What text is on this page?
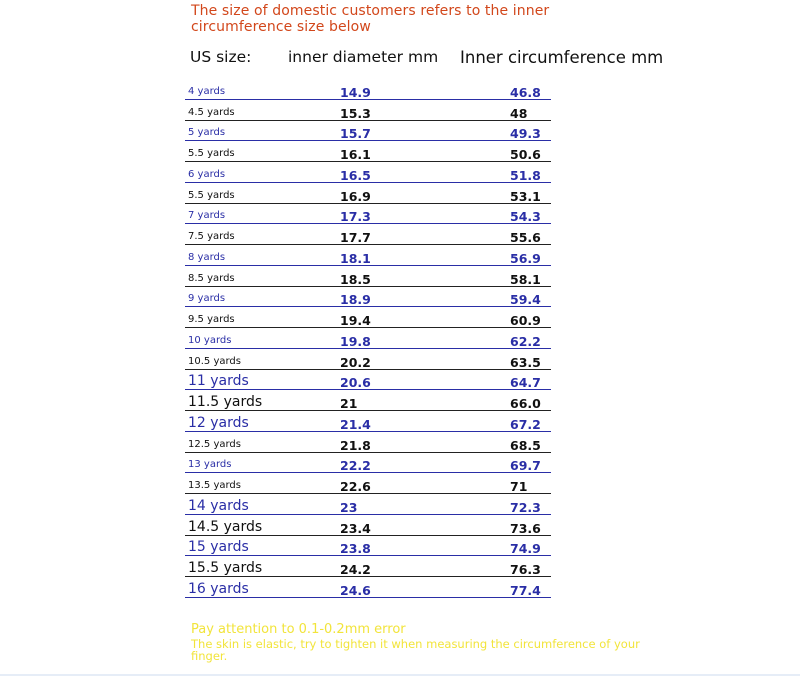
The size of domestic customers refers to the inner circumference size below
US size: inner diameter mm Inner circumference mm
4 yards	14.9	46.8
4.5 yards	15.3	48
5 yards	15.7	49.3
5.5 yards	16.1	50.6
6 yards	16.5	51.8
5.5 yards	16.9	53.1
7 yards	17.3	54.3
7.5 yards	17.7	55.6
8 yards	18.1	56.9
8.5 yards	18.5	58.1
9 yards	18.9	59.4
9.5 yards	19.4	60.9
10 yards	19.8	62.2
10.5 yards	20.2	63.5
11 yards	20.6	64.7
11.5 yards	21	66.0
12 yards	21.4	67.2
12.5 yards	21.8	68.5
13 yards	22.2	69.7
13.5 yards	22.6	71
14 yards	23	72.3
14.5 yards	23.4	73.6
15 yards	23.8	74.9
15.5 yards	24.2	76.3
16 yards	24.6	77.4
Pay attention to 0.1-0.2mm error
The skin is elastic, try to tighten it when measuring the circumference of your finger.
